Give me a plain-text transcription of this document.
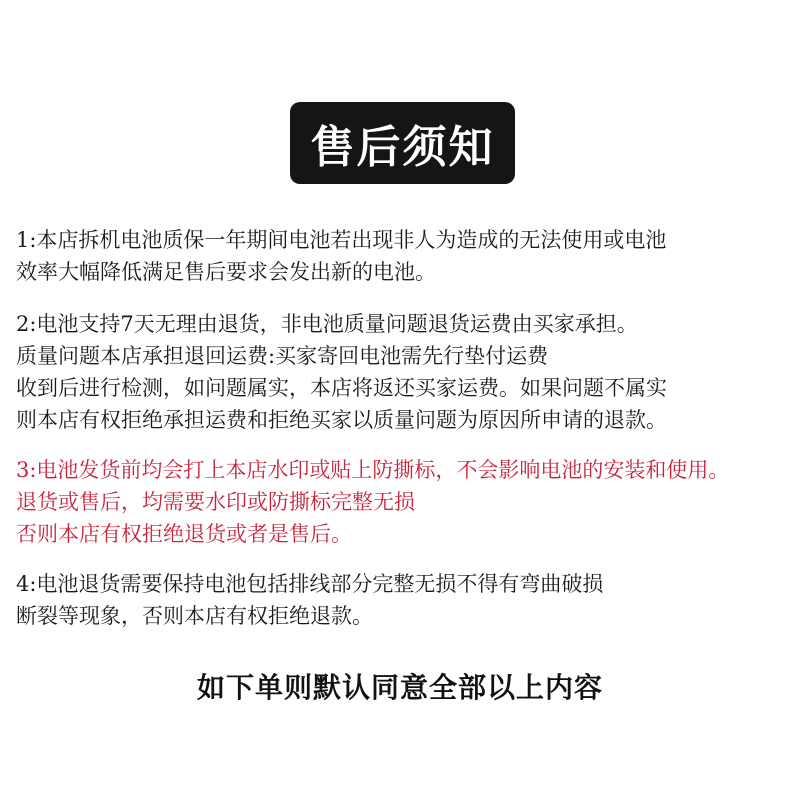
售后须知
1:本店拆机电池质保一年期间电池若出现非人为造成的无法使用或电池
效率大幅降低满足售后要求会发出新的电池。
2:电池支持7天无理由退货，非电池质量问题退货运费由买家承担。
质量问题本店承担退回运费:买家寄回电池需先行垫付运费
收到后进行检测，如问题属实，本店将返还买家运费。如果问题不属实
则本店有权拒绝承担运费和拒绝买家以质量问题为原因所申请的退款。
3:电池发货前均会打上本店水印或贴上防撕标，不会影响电池的安装和使用。
退货或售后，均需要水印或防撕标完整无损
否则本店有权拒绝退货或者是售后。
4:电池退货需要保持电池包括排线部分完整无损不得有弯曲破损
断裂等现象，否则本店有权拒绝退款。
如下单则默认同意全部以上内容
